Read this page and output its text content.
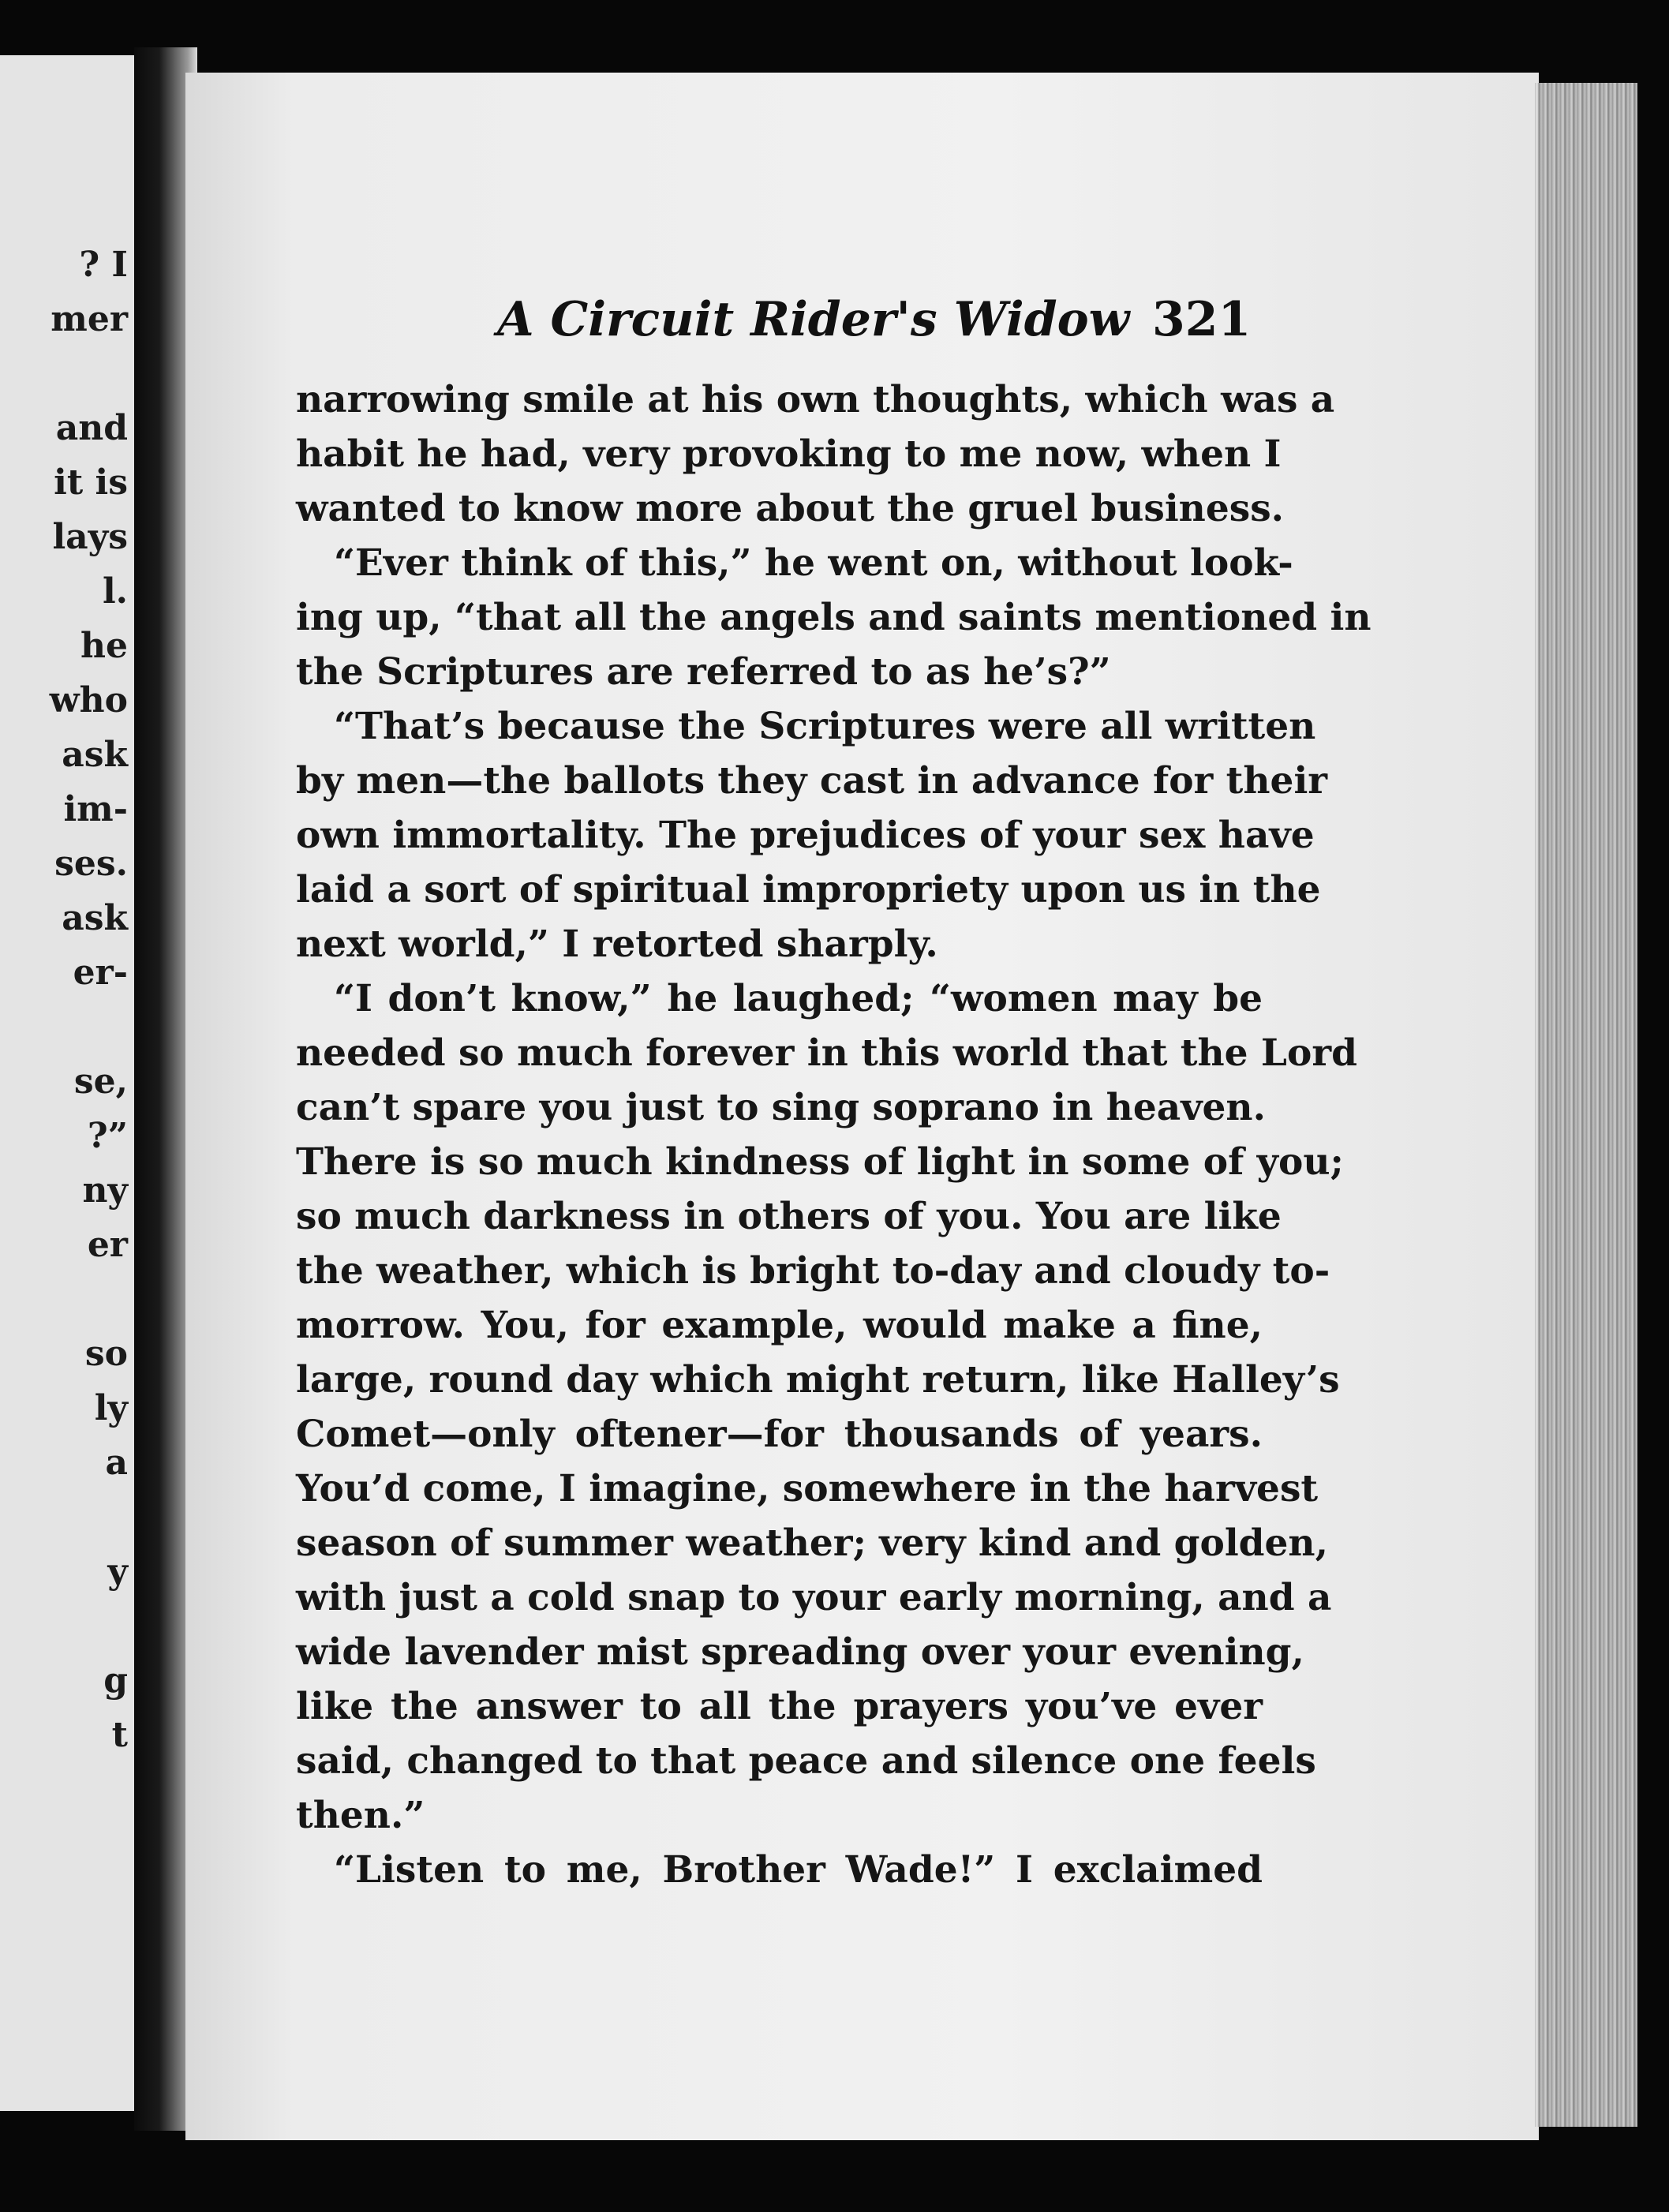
? I
mer
and
it is
lays
l.
he
who
ask
im-
ses.
ask
er-
se,
?”
ny
er
so
ly
a
y
g
t
A Circuit Rider's Widow 321
narrowing smile at his own thoughts, which was a
habit he had, very provoking to me now, when I
wanted to know more about the gruel business.
“Ever think of this,” he went on, without look-
ing up, “that all the angels and saints mentioned in
the Scriptures are referred to as he’s?”
“That’s because the Scriptures were all written
by men—the ballots they cast in advance for their
own immortality. The prejudices of your sex have
laid a sort of spiritual impropriety upon us in the
next world,” I retorted sharply.
“I don’t know,” he laughed; “women may be
needed so much forever in this world that the Lord
can’t spare you just to sing soprano in heaven.
There is so much kindness of light in some of you;
so much darkness in others of you. You are like
the weather, which is bright to-day and cloudy to-
morrow. You, for example, would make a fine,
large, round day which might return, like Halley’s
Comet—only oftener—for thousands of years.
You’d come, I imagine, somewhere in the harvest
season of summer weather; very kind and golden,
with just a cold snap to your early morning, and a
wide lavender mist spreading over your evening,
like the answer to all the prayers you’ve ever
said, changed to that peace and silence one feels
then.”
“Listen to me, Brother Wade!” I exclaimed
